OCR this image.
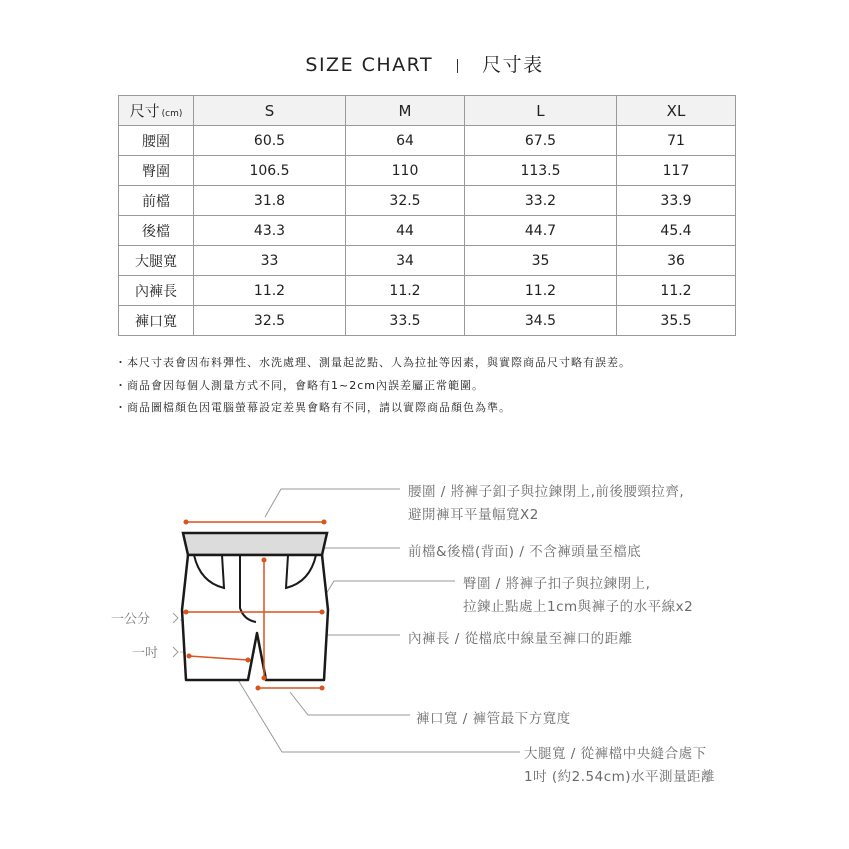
SIZE CHART	尺寸表
尺寸 (cm)	S	M	L	XL
腰圍	60.5	64	67.5	71
臀圍	106.5	110	113.5	117
前檔	31.8	32.5	33.2	33.9
後檔	43.3	44	44.7	45.4
大腿寬	33	34	35	36
內褲長	11.2	11.2	11.2	11.2
褲口寬	32.5	33.5	34.5	35.5
・本尺寸表會因布料彈性、水洗處理、測量起訖點、人為拉扯等因素，與實際商品尺寸略有誤差。
・商品會因每個人測量方式不同，會略有1~2cm內誤差屬正常範圍。
・商品圖檔顏色因電腦螢幕設定差異會略有不同，請以實際商品顏色為準。
腰圍 / 將褲子釦子與拉鍊閉上,前後腰頸拉齊,
避開褲耳平量幅寬X2
前檔&後檔(背面) / 不含褲頭量至檔底
臀圍 / 將褲子扣子與拉鍊閉上,
拉鍊止點處上1cm與褲子的水平線x2
內褲長 / 從檔底中線量至褲口的距離
褲口寬 / 褲管最下方寬度
大腿寬 / 從褲檔中央縫合處下
1吋 (約2.54cm)水平測量距離
一公分
一吋
